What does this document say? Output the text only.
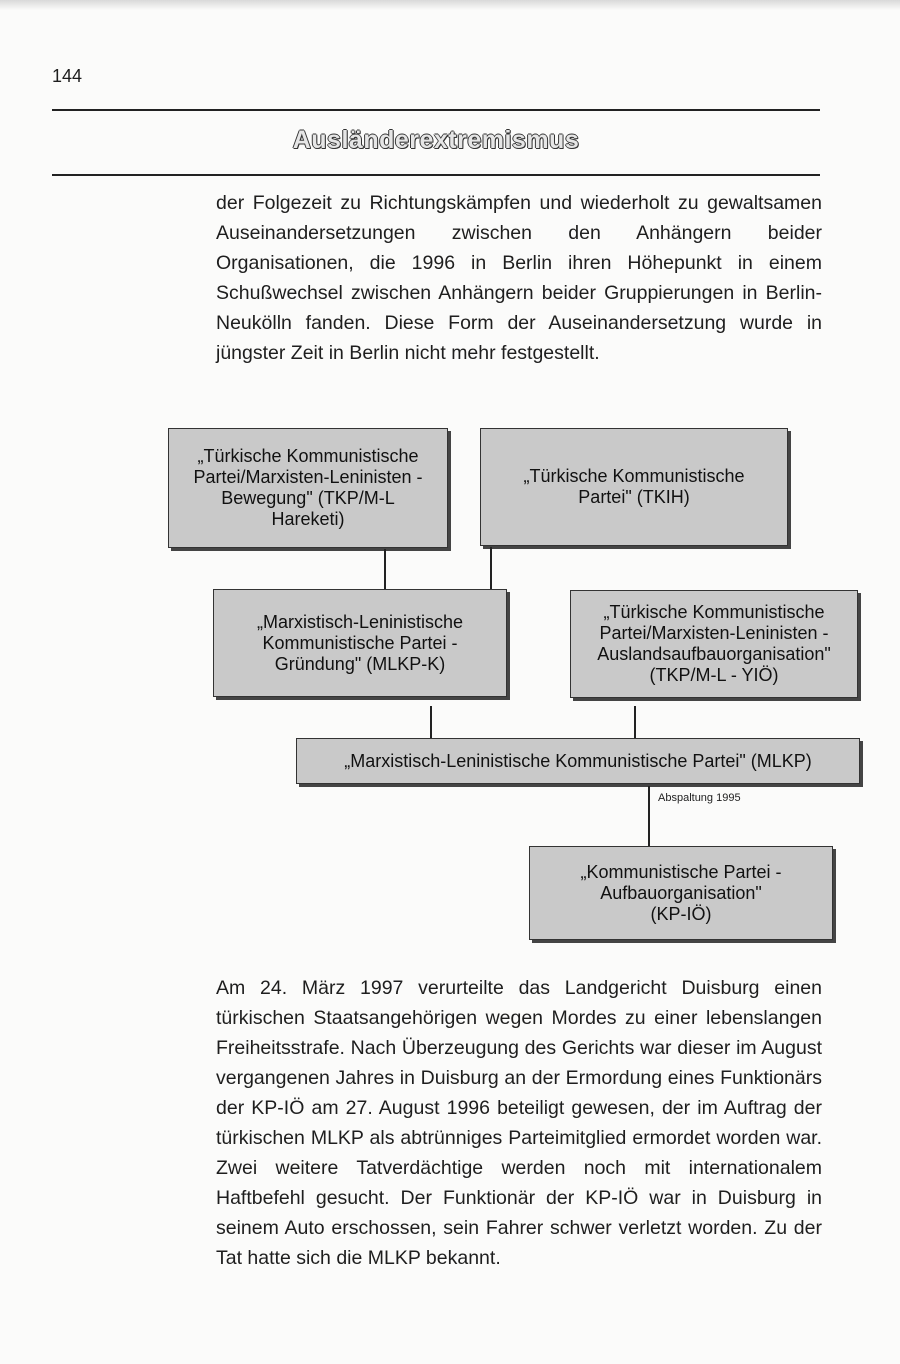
144
Ausländerextremismus

der Folgezeit zu Richtungskämpfen und wiederholt zu gewaltsamen Auseinandersetzungen zwischen den Anhängern beider Organisationen, die 1996 in Berlin ihren Höhepunkt in einem Schußwechsel zwischen Anhängern beider Gruppierungen in Berlin-Neukölln fanden. Diese Form der Auseinandersetzung wurde in jüngster Zeit in Berlin nicht mehr festgestellt.

„Türkische Kommunistische
Partei/Marxisten-Leninisten -
Bewegung" (TKP/M-L
Hareketi)
„Türkische Kommunistische
Partei" (TKIH)
„Marxistisch-Leninistische
Kommunistische Partei -
Gründung" (MLKP-K)
„Türkische Kommunistische
Partei/Marxisten-Leninisten -
Auslandsaufbauorganisation"
(TKP/M-L - YIÖ)
„Marxistisch-Leninistische Kommunistische Partei" (MLKP)
Abspaltung 1995
„Kommunistische Partei -
Aufbauorganisation"
(KP-IÖ)

Am 24. März 1997 verurteilte das Landgericht Duisburg einen türkischen Staatsangehörigen wegen Mordes zu einer lebenslangen Freiheitsstrafe. Nach Überzeugung des Gerichts war dieser im August vergangenen Jahres in Duisburg an der Ermordung eines Funktionärs der KP-IÖ am 27. August 1996 beteiligt gewesen, der im Auftrag der türkischen MLKP als abtrünniges Parteimitglied ermordet worden war. Zwei weitere Tatverdächtige werden noch mit internationalem Haftbefehl gesucht. Der Funktionär der KP-IÖ war in Duisburg in seinem Auto erschossen, sein Fahrer schwer verletzt worden. Zu der Tat hatte sich die MLKP bekannt.
